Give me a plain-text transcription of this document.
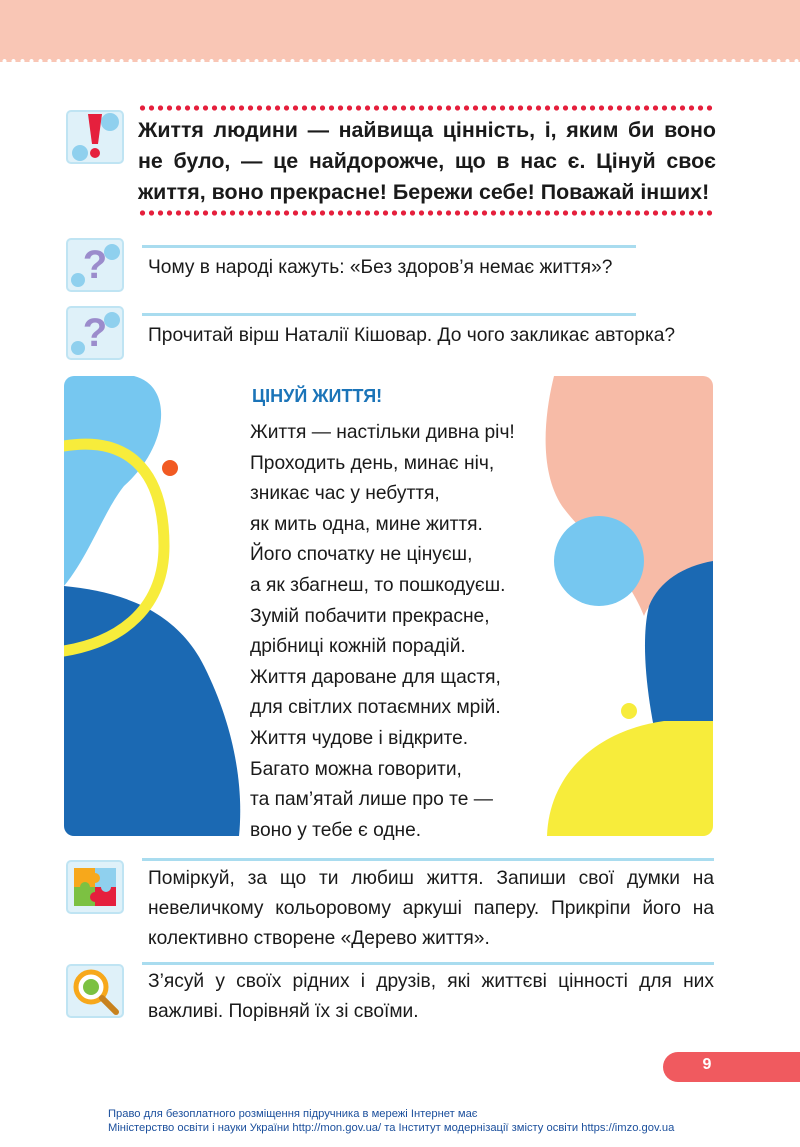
Життя людини — найвища цінність, і, яким би воно не було, — це найдорожче, що в нас є. Цінуй своє життя, воно прекрасне! Бережи себе! Поважай інших!
? Чому в народі кажуть: «Без здоров’я немає життя»?
? Прочитай вірш Наталії Кішовар. До чого закликає авторка?
ЦІНУЙ ЖИТТЯ!
Життя — настільки дивна річ!
Проходить день, минає ніч,
зникає час у небуття,
як мить одна, мине життя.
Його спочатку не цінуєш,
а як збагнеш, то пошкодуєш.
Зумій побачити прекрасне,
дрібниці кожній порадій.
Життя дароване для щастя,
для світлих потаємних мрій.
Життя чудове і відкрите.
Багато можна говорити,
та пам’ятай лише про те —
воно у тебе є одне.
Поміркуй, за що ти любиш життя. Запиши свої думки на невеличкому кольоровому аркуші паперу. Прикріпи його на колективно створене «Дерево життя».
З’ясуй у своїх рідних і друзів, які життєві цінності для них важливі. Порівняй їх зі своїми.
9
Право для безоплатного розміщення підручника в мережі Інтернет має
Міністерство освіти і науки України http://mon.gov.ua/ та Інститут модернізації змісту освіти https://imzo.gov.ua
